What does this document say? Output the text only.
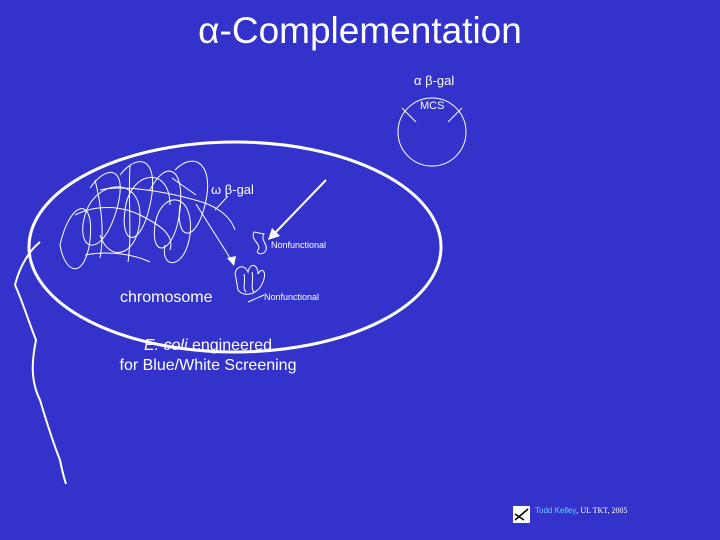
α-Complementation
α β-gal
MCS
ω β-gal
Nonfunctional
Nonfunctional
chromosome
E. coli engineered
for Blue/White Screening
Todd Kelley, UL TKT, 2005
